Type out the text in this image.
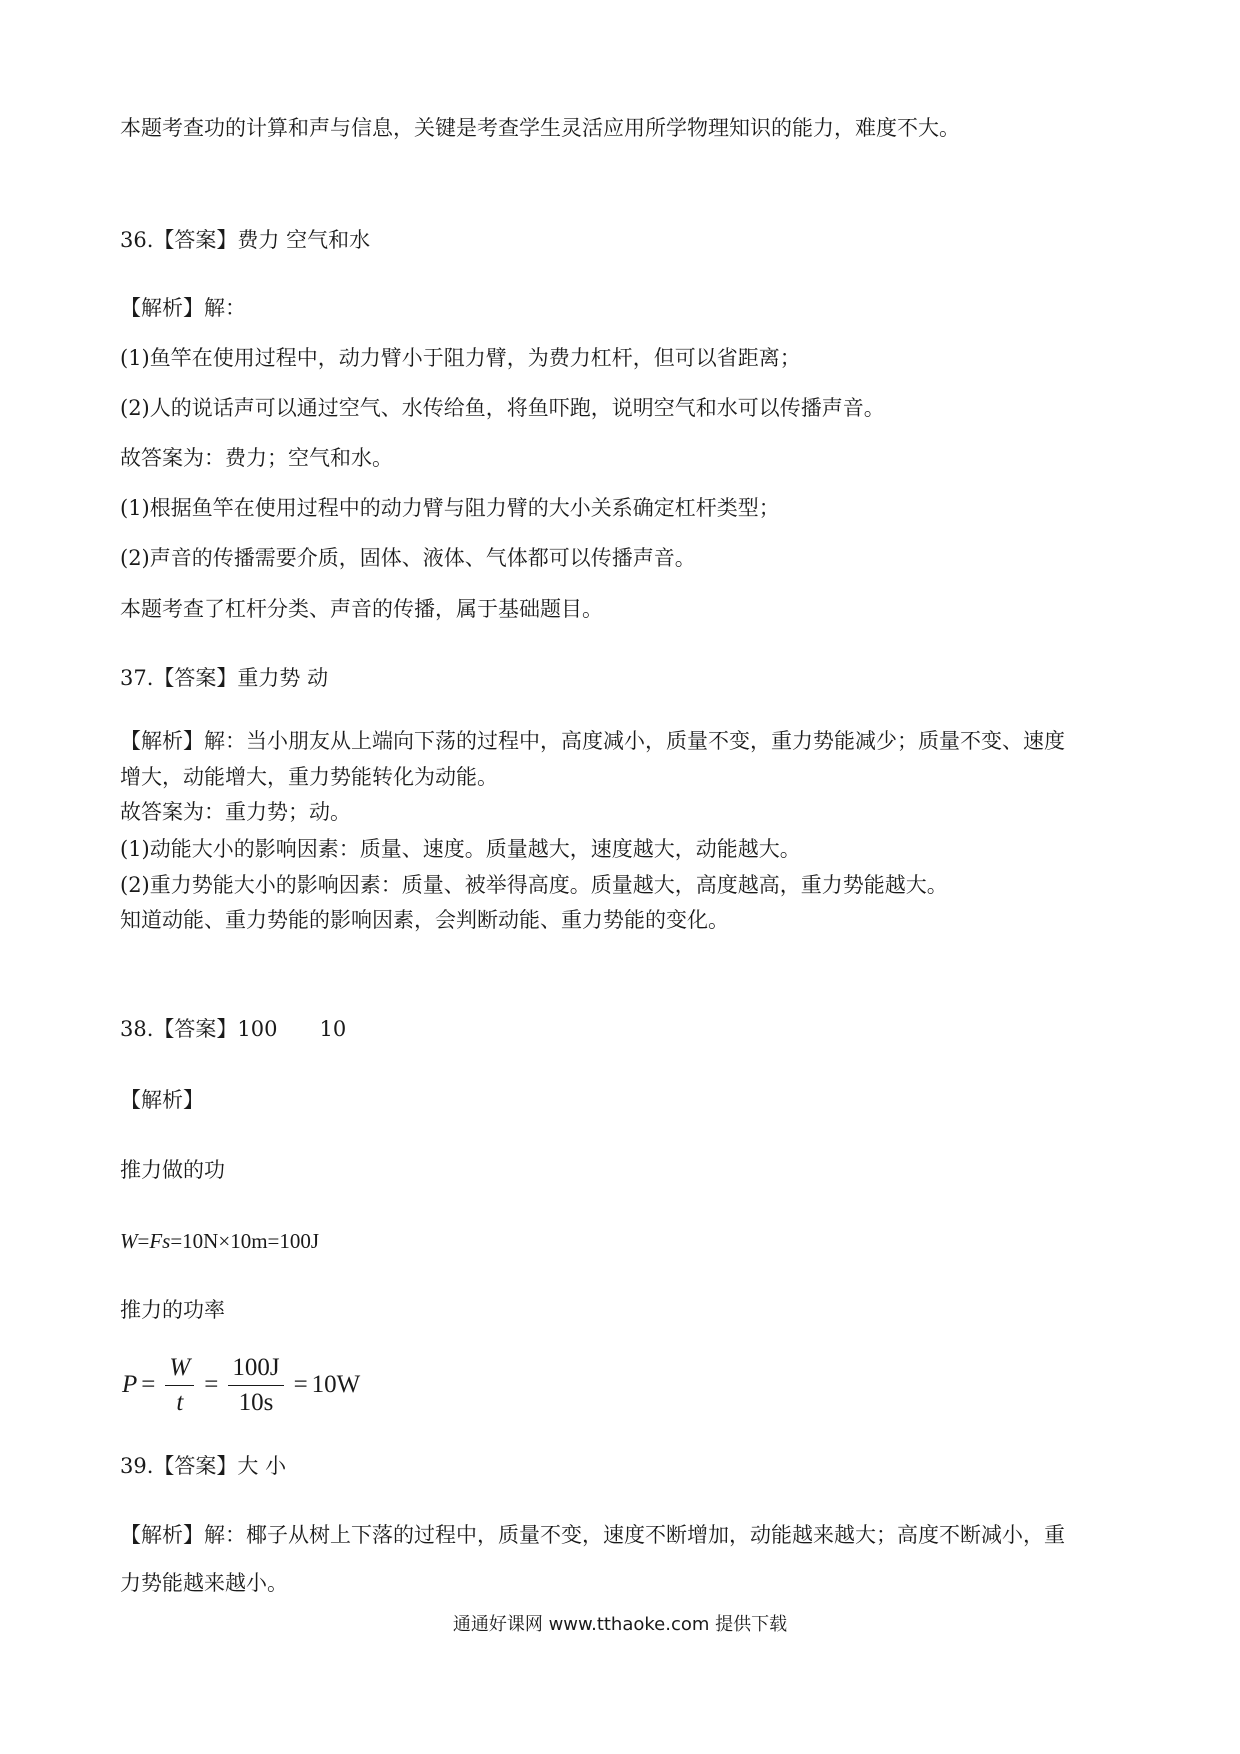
本题考查功的计算和声与信息，关键是考查学生灵活应用所学物理知识的能力，难度不大。
36.【答案】费力 空气和水
【解析】解：
(1)鱼竿在使用过程中，动力臂小于阻力臂，为费力杠杆，但可以省距离；
(2)人的说话声可以通过空气、水传给鱼，将鱼吓跑，说明空气和水可以传播声音。
故答案为：费力；空气和水。
(1)根据鱼竿在使用过程中的动力臂与阻力臂的大小关系确定杠杆类型；
(2)声音的传播需要介质，固体、液体、气体都可以传播声音。
本题考查了杠杆分类、声音的传播，属于基础题目。
37.【答案】重力势 动
【解析】解：当小朋友从上端向下荡的过程中，高度减小，质量不变，重力势能减少；质量不变、速度
增大，动能增大，重力势能转化为动能。
故答案为：重力势；动。
(1)动能大小的影响因素：质量、速度。质量越大，速度越大，动能越大。
(2)重力势能大小的影响因素：质量、被举得高度。质量越大，高度越高，重力势能越大。
知道动能、重力势能的影响因素，会判断动能、重力势能的变化。
38.【答案】100　　10
【解析】
推力做的功
W=Fs=10N×10m=100J
推力的功率
$P = \frac{W}{t} = \frac{100J}{10s} = 10W$
39.【答案】大 小
【解析】解：椰子从树上下落的过程中，质量不变，速度不断增加，动能越来越大；高度不断减小，重
力势能越来越小。
通通好课网 www.tthaoke.com 提供下载
